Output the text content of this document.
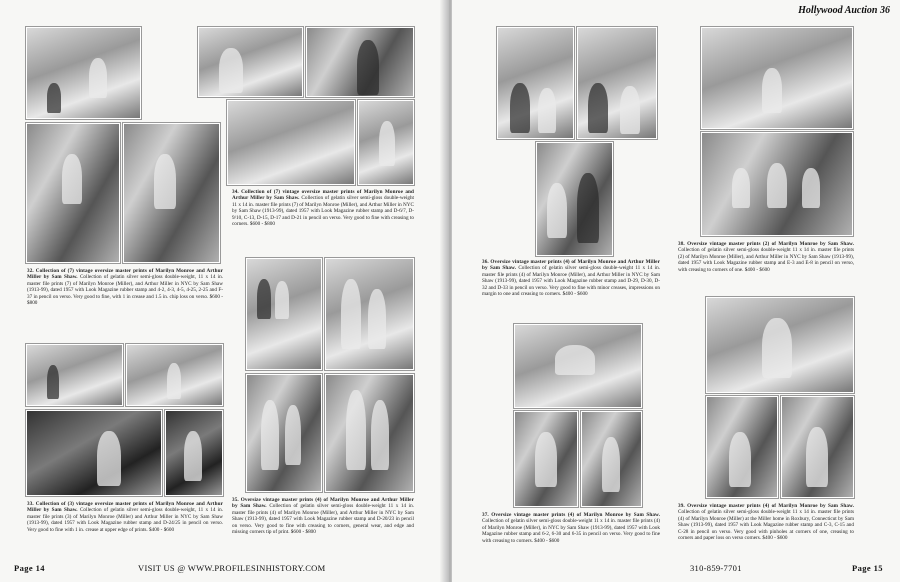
32. Collection of (7) vintage oversize master prints of Marilyn Monroe and Arthur Miller by Sam Shaw. Collection of gelatin silver semi-gloss double-weight, 11 x 14 in. master file prints (7) of Marilyn Monroe (Miller), and Arthur Miller in NYC by Sam Shaw (1913-99), dated 1957 with Look Magazine rubber stamp and 4-2, 4-3, 4-5, 4-25, 2-25 and F-37 in pencil on verso. Very good to fine, with 1 in crease and 1.5 in. chip loss on verso. $600 - $800
34. Collection of (7) vintage oversize master prints of Marilyn Monroe and Arthur Miller by Sam Shaw. Collection of gelatin silver semi-gloss double-weight 11 x 14 in. master file prints (7) of Marilyn Monroe (Miller), and Arthur Miller in NYC by Sam Shaw (1913-99), dated 1957 with Look Magazine rubber stamp and D-6/7, D-9/10, C-13, D-15, D-17 and D-21 in pencil on verso. Very good to fine with creasing to corners. $600 - $800
35. Oversize vintage master prints (4) of Marilyn Monroe and Arthur Miller by Sam Shaw. Collection of gelatin silver semi-gloss double-weight 11 x 14 in. master file prints (4) of Marilyn Monroe (Miller), and Arthur Miller in NYC by Sam Shaw (1913-99), dated 1957 with Look Magazine rubber stamp and D-20/23 in pencil on verso. Very good to fine with creasing to corners, general wear, and edge and missing corners tip of print. $600 - $800
33. Collection of (3) vintage oversize master prints of Marilyn Monroe and Arthur Miller by Sam Shaw. Collection of gelatin silver semi-gloss double-weight, 11 x 14 in. master file prints (3) of Marilyn Monroe (Miller) and Arthur Miller in NYC by Sam Shaw (1913-99), dated 1957 with Look Magazine rubber stamp and D-24/25 in pencil on verso. Very good to fine with 1 in. crease at upper edge of prints. $400 - $600
Page 14	VISIT US @ WWW.PROFILESINHISTORY.COM
Hollywood Auction 36
36. Oversize vintage master prints (4) of Marilyn Monroe and Arthur Miller by Sam Shaw. Collection of gelatin silver semi-gloss double-weight 11 x 14 in. master file prints (4) of Marilyn Monroe (Miller), and Arthur Miller in NYC by Sam Shaw (1913-99), dated 1957 with Look Magazine rubber stamp and D-29, D-30, D-32 and D-33 in pencil on verso. Very good to fine with minor creases, impressions on margin to one and creasing to corners. $400 - $600
38. Oversize vintage master prints (2) of Marilyn Monroe by Sam Shaw. Collection of gelatin silver semi-gloss double-weight 11 x 14 in. master file prints (2) of Marilyn Monroe (Miller), and Arthur Miller in NYC by Sam Shaw (1913-99), dated 1957 with Look Magazine rubber stamp and E-3 and E-8 in pencil on verso, with creasing to corners of one. $400 - $600
37. Oversize vintage master prints (4) of Marilyn Monroe by Sam Shaw. Collection of gelatin silver semi-gloss double-weight 11 x 14 in. master file prints (4) of Marilyn Monroe (Miller), in NYC by Sam Shaw (1913-99), dated 1957 with Look Magazine rubber stamp and 6-2, 6-30 and 6-35 in pencil on verso. Very good to fine with creasing to corners. $400 - $600
39. Oversize vintage master prints (4) of Marilyn Monroe by Sam Shaw. Collection of gelatin silver semi-gloss double-weight 11 x 14 in. master file prints (4) of Marilyn Monroe (Miller) at the Miller home in Roxbury, Connecticut by Sam Shaw (1913-99), dated 1957 with Look Magazine rubber stamp and C-3, C-15 and C-28 in pencil on verso. Very good with pinholes at corners of one, creasing to corners and paper loss on verso corners. $400 - $600
310-859-7701	Page 15
